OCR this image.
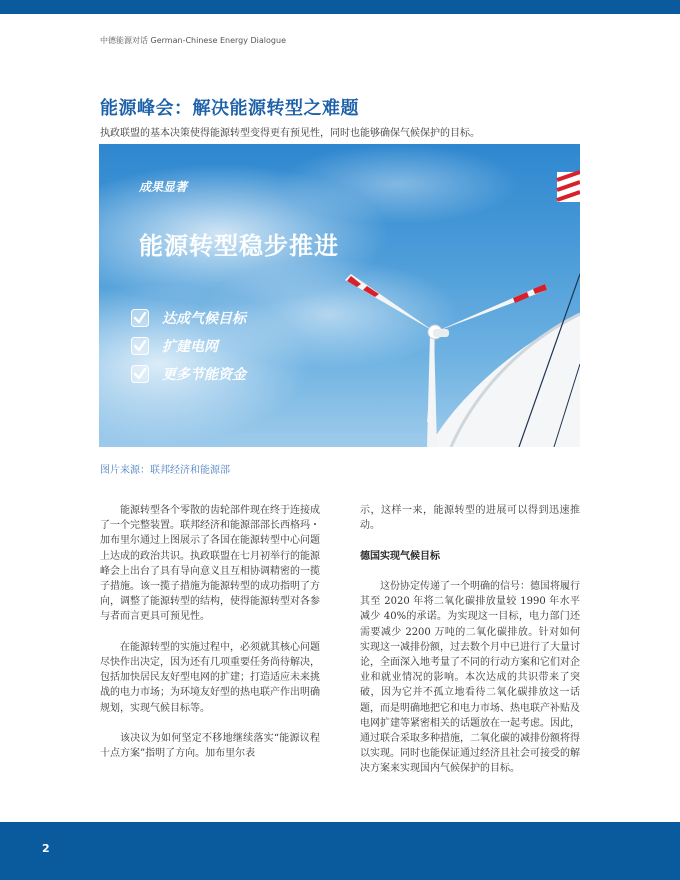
中德能源对话 German-Chinese Energy Dialogue
能源峰会：解决能源转型之难题
执政联盟的基本决策使得能源转型变得更有预见性，同时也能够确保气候保护的目标。
成果显著
能源转型稳步推进
达成气候目标
扩建电网
更多节能资金
图片来源：联邦经济和能源部

能源转型各个零散的齿轮部件现在终于连接成了一个完整装置。联邦经济和能源部部长西格玛・加布里尔通过上图展示了各国在能源转型中心问题上达成的政治共识。执政联盟在七月初举行的能源峰会上出台了具有导向意义且互相协调精密的一揽子措施。该一揽子措施为能源转型的成功指明了方向，调整了能源转型的结构，使得能源转型对各参与者而言更具可预见性。

在能源转型的实施过程中，必须就其核心问题尽快作出决定，因为还有几项重要任务尚待解决，包括加快居民友好型电网的扩建；打造适应未来挑战的电力市场；为环境友好型的热电联产作出明确规划，实现气候目标等。

该决议为如何坚定不移地继续落实“能源议程十点方案”指明了方向。加布里尔表

示，这样一来，能源转型的进展可以得到迅速推动。

德国实现气候目标

这份协定传递了一个明确的信号：德国将履行其至 2020 年将二氧化碳排放量较 1990 年水平减少 40%的承诺。为实现这一目标，电力部门还需要减少 2200 万吨的二氧化碳排放。针对如何实现这一减排份额，过去数个月中已进行了大量讨论，全面深入地考量了不同的行动方案和它们对企业和就业情况的影响。本次达成的共识带来了突破，因为它并不孤立地看待二氧化碳排放这一话题，而是明确地把它和电力市场、热电联产补贴及电网扩建等紧密相关的话题放在一起考虑。因此，通过联合采取多种措施，二氧化碳的减排份额将得以实现。同时也能保证通过经济且社会可接受的解决方案来实现国内气候保护的目标。

2
